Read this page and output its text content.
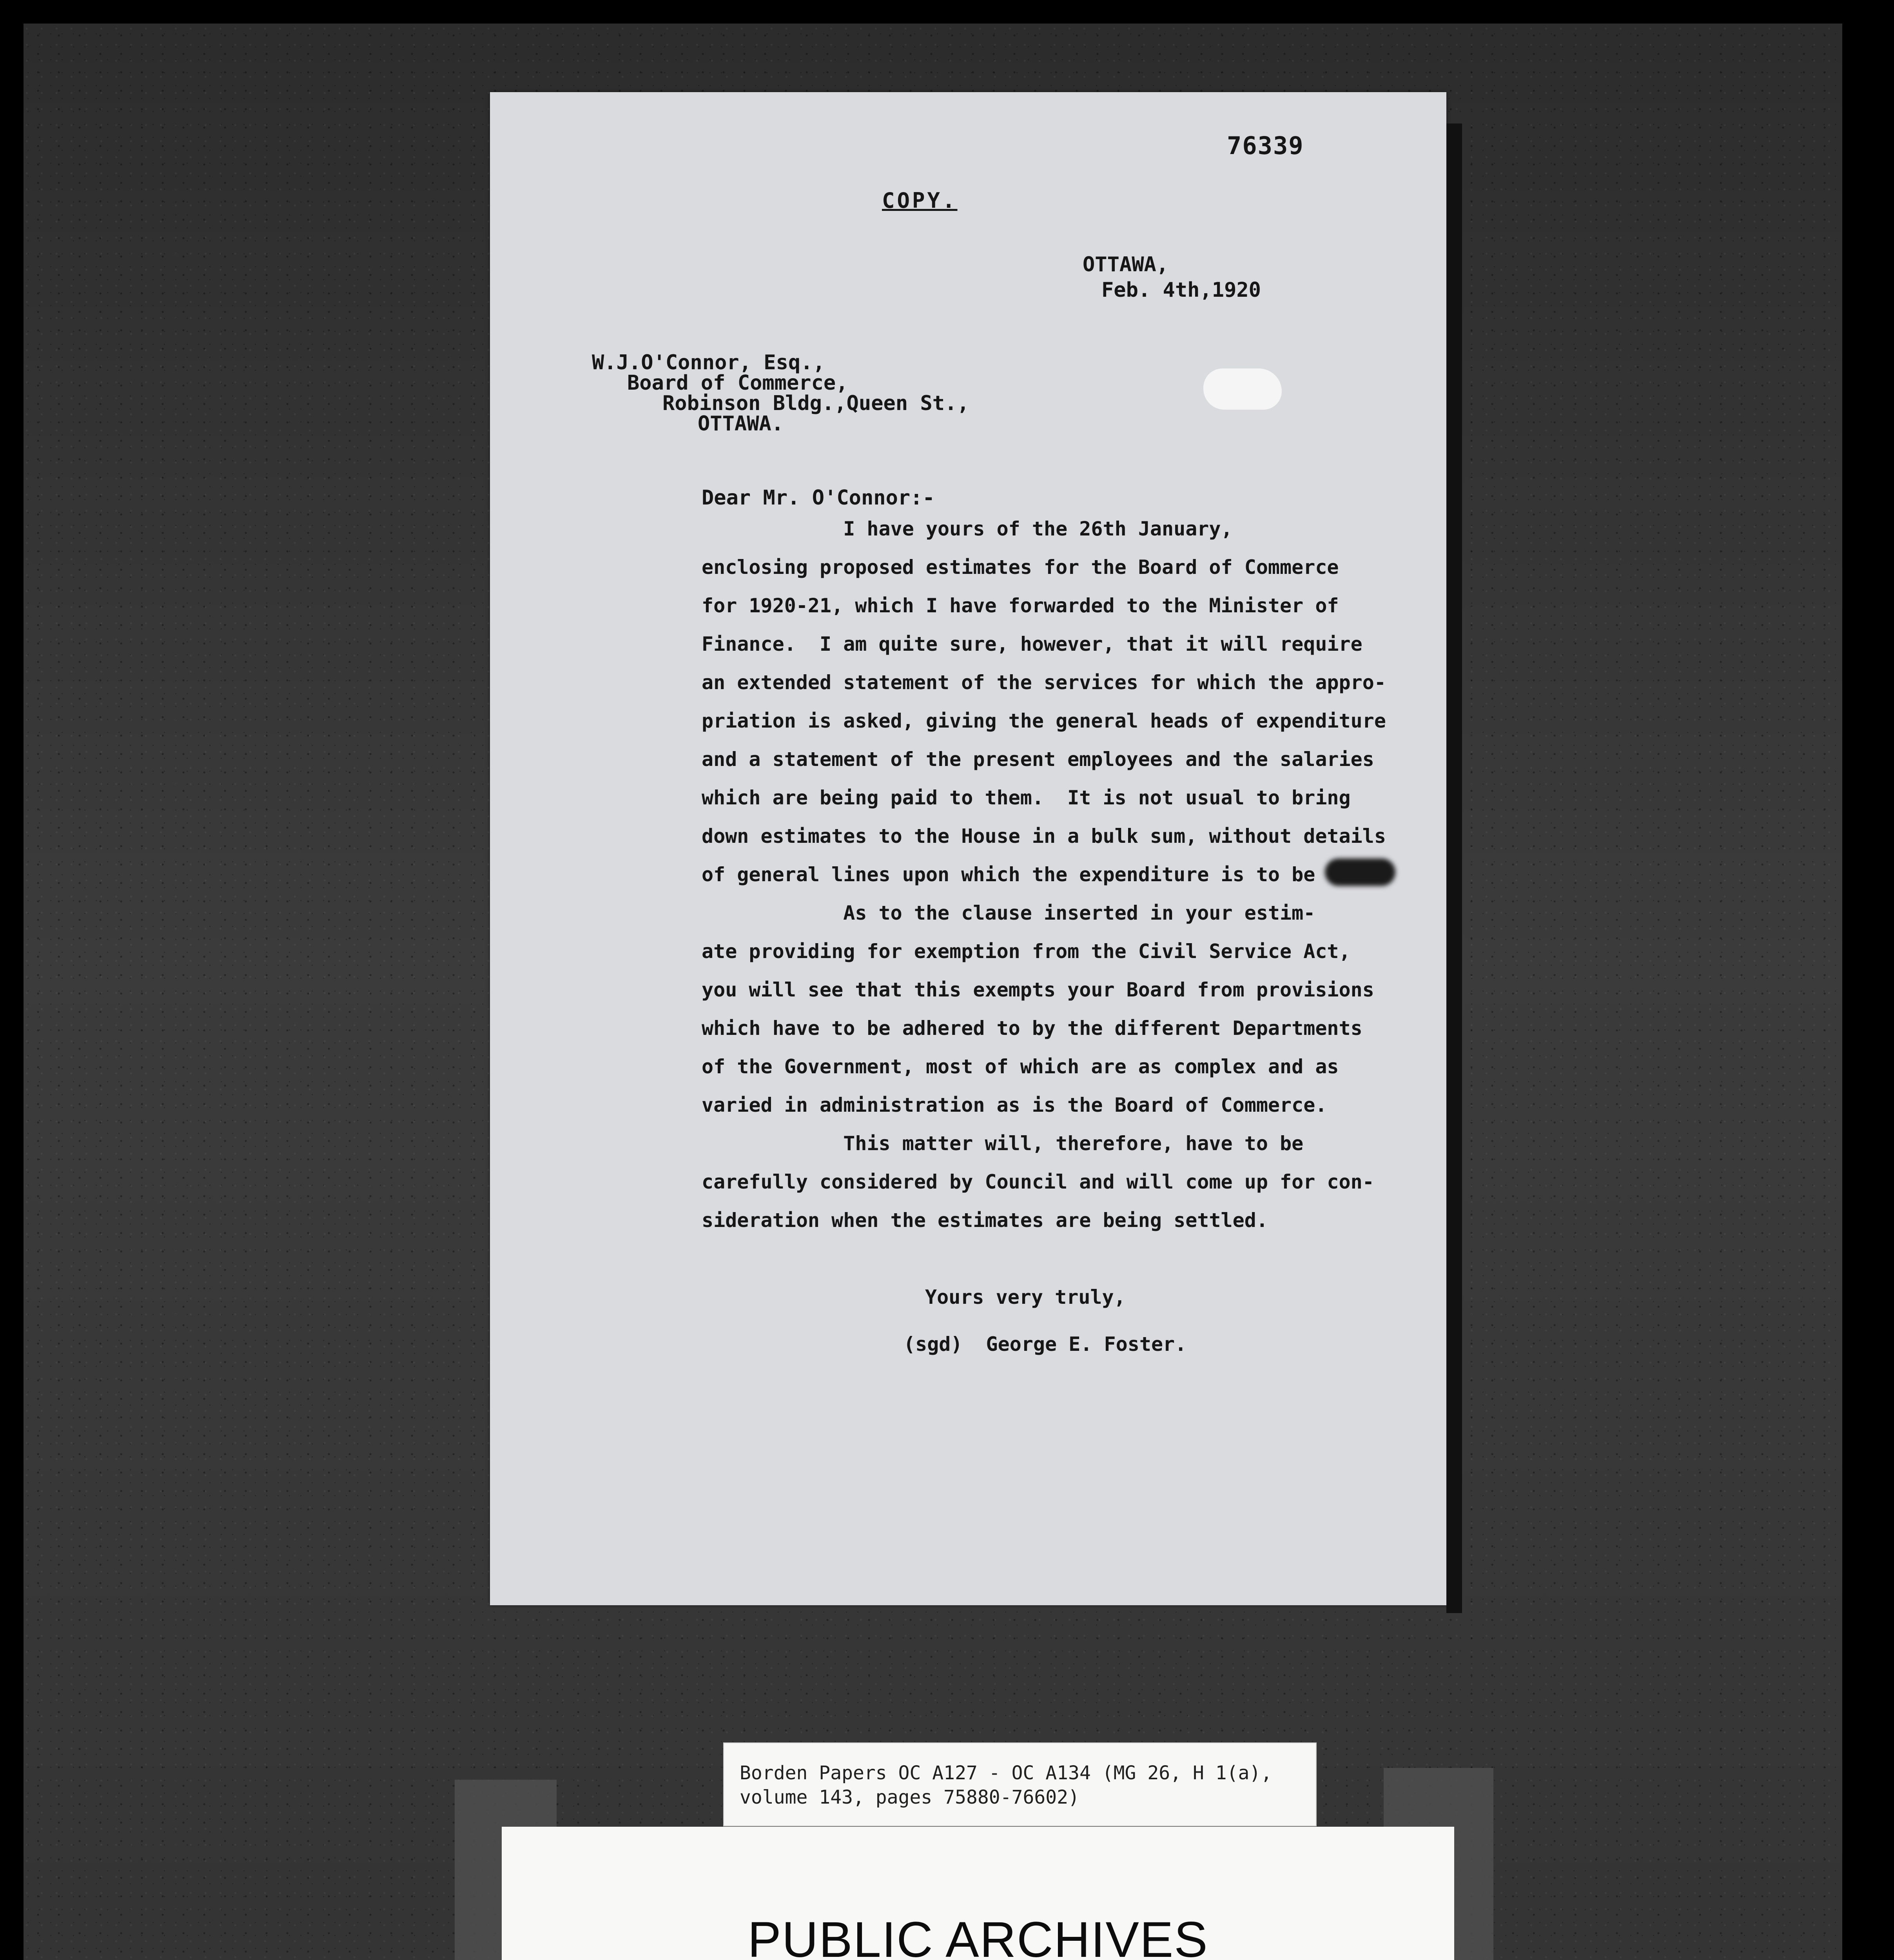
76339

COPY.

OTTAWA,

Feb. 4th,1920

W.J.O'Connor, Esq.,

Board of Commerce,

Robinson Bldg.,Queen St.,

OTTAWA.

Dear Mr. O'Connor:-

I have yours of the 26th January,

enclosing proposed estimates for the Board of Commerce

for 1920-21, which I have forwarded to the Minister of

Finance.  I am quite sure, however, that it will require

an extended statement of the services for which the appro-

priation is asked, giving the general heads of expenditure

and a statement of the present employees and the salaries

which are being paid to them.  It is not usual to bring

down estimates to the House in a bulk sum, without details

of general lines upon which the expenditure is to be

As to the clause inserted in your estim-

ate providing for exemption from the Civil Service Act,

you will see that this exempts your Board from provisions

which have to be adhered to by the different Departments

of the Government, most of which are as complex and as

varied in administration as is the Board of Commerce.

This matter will, therefore, have to be

carefully considered by Council and will come up for con-

sideration when the estimates are being settled.

Yours very truly,

(sgd) George E. Foster.

Borden Papers OC A127 - OC A134 (MG 26, H 1(a),
volume 143, pages 75880-76602)
PUBLIC ARCHIVES
